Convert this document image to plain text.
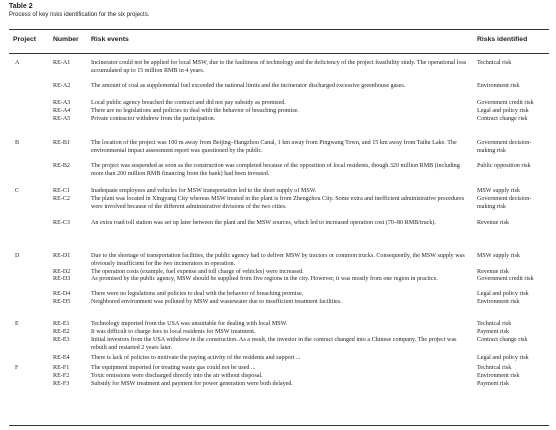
Table 2
Process of key risks identification for the six projects.
Project Number Risk events	Risks identified
A	RE-A1	Incinerator could not be applied for local MSW, due to the faultiness of technology and the deficiency of the project feasibility study. The operational loss accumulated up to 15 million RMB in 4 years.
Technical risk
RE-A2	The amount of coal as supplemental fuel exceeded the national limits and the incinerator discharged excessive greenhouse gases.	Environment risk
RE-A3	Local public agency breached the contract and did not pay subsidy as promised.	Government credit risk
RE-A4	There are no legislations and policies to deal with the behavior of breaching promise.	Legal and policy risk
RE-A5	Private contractor withdrew from the participation.	Contract change risk
B	RE-B1	The location of the project was 100 m away from Beijing–Hangzhou Canal, 1 km away from Pingwang Town, and 15 km away from Taihu Lake. The environmental impact assessment report was questioned by the public.
Government decision-making risk
RE-B2	The project was suspended as soon as the construction was completed because of the opposition of local residents, though 320 million RMB (including more than 200 million RMB financing from the bank) had been invested.
Public opposition risk
C	RE-C1	Inadequate employees and vehicles for MSW transportation led to the short supply of MSW.	MSW supply risk
RE-C2	The plant was located in Xingyang City whereas MSW treated in the plant is from Zhengzhou City. Some extra and inefficient administrative procedures were involved because of the different administrative divisions of the two cities.
Government decision-making risk
RE-C3	An extra road toll station was set up later between the plant and the MSW sources, which led to increased operation cost (70–80 RMB/truck).	Revenue risk
D	RE-D1	Due to the shortage of transportation facilities, the public agency had to deliver MSW by tractors or common trucks. Consequently, the MSW supply was obviously insufficient for the two incinerators in operation.
MSW supply risk
RE-D2	The operation costs (example, fuel expense and toll charge of vehicles) were increased.	Revenue risk
RE-D3	As promised by the public agency, MSW should be supplied from five regions in the city. However, it was mostly from one region in practice.	Government credit risk
RE-D4	There were no legislations and policies to deal with the behavior of breaching promise.	Legal and policy risk
RE-D5	Neighbored environment was polluted by MSW and wastewater due to insufficient treatment facilities.	Environment risk
E	RE-E1	Technology imported from the USA was unsuitable for dealing with local MSW.	Technical risk
RE-E2	It was difficult to charge fees to local residents for MSW treatment.	Payment risk
RE-E3	Initial investors from the USA withdrew in the construction. As a result, the investor in the contract changed into a Chinese company. The project was rebuilt and restarted 2 years later.
Contract change risk
RE-E4	There is lack of policies to motivate the paying activity of the residents and support ...	Legal and policy risk
F	RE-F1	The equipment imported for treating waste gas could not be used ...	Technical risk
RE-F2	Toxic emissions were discharged directly into the air without disposal.	Environment risk
RE-F3	Subsidy for MSW treatment and payment for power generation were both delayed.	Payment risk
